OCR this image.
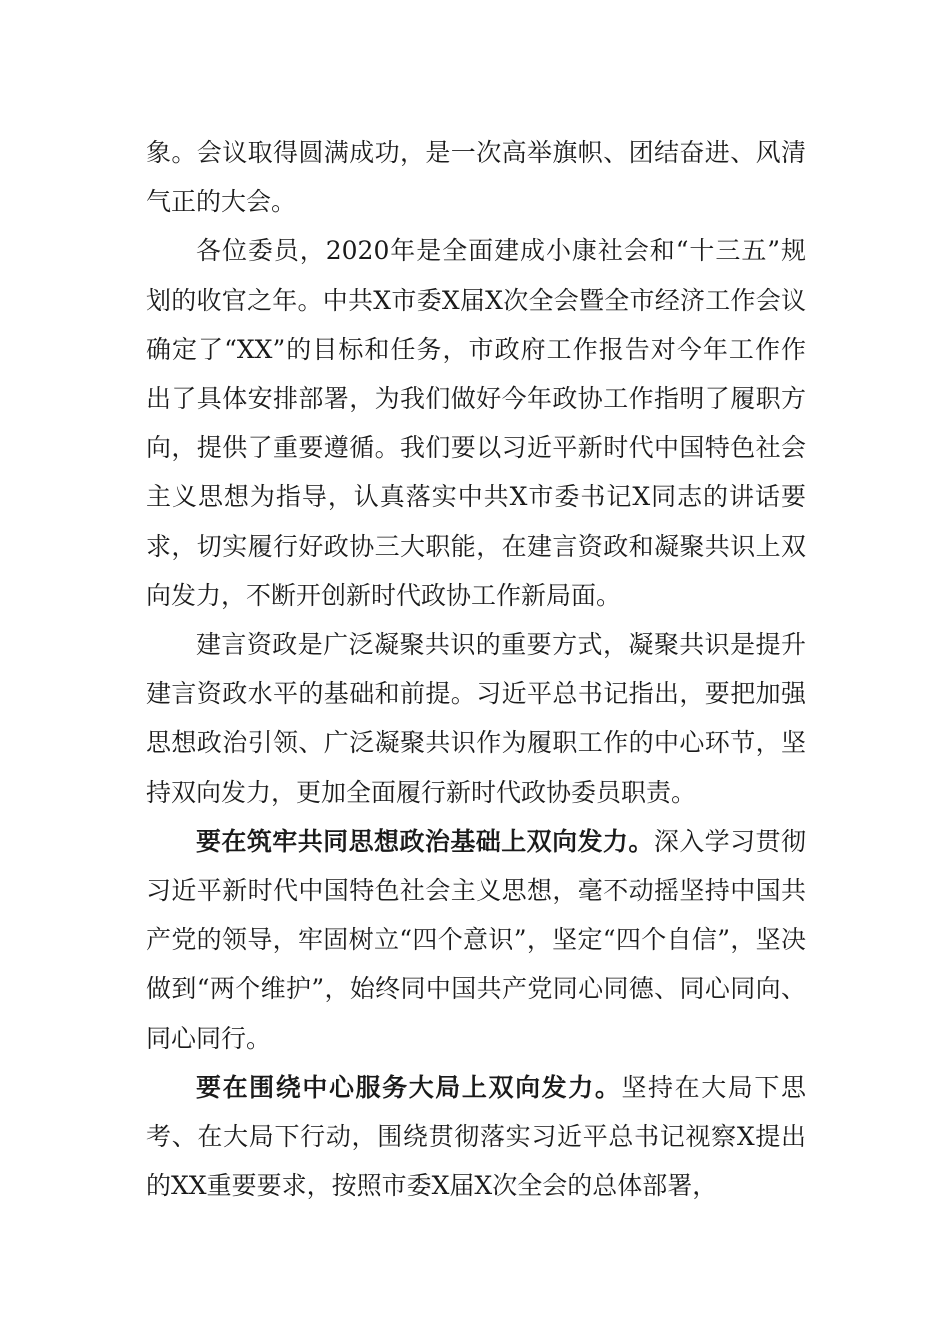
象。会议取得圆满成功，是一次高举旗帜、团结奋进、风清气正的大会。

各位委员，2020年是全面建成小康社会和“十三五”规划的收官之年。中共X市委X届X次全会暨全市经济工作会议确定了“XX”的目标和任务，市政府工作报告对今年工作作出了具体安排部署，为我们做好今年政协工作指明了履职方向，提供了重要遵循。我们要以习近平新时代中国特色社会主义思想为指导，认真落实中共X市委书记X同志的讲话要求，切实履行好政协三大职能，在建言资政和凝聚共识上双向发力，不断开创新时代政协工作新局面。

建言资政是广泛凝聚共识的重要方式，凝聚共识是提升建言资政水平的基础和前提。习近平总书记指出，要把加强思想政治引领、广泛凝聚共识作为履职工作的中心环节，坚持双向发力，更加全面履行新时代政协委员职责。

要在筑牢共同思想政治基础上双向发力。深入学习贯彻习近平新时代中国特色社会主义思想，毫不动摇坚持中国共产党的领导，牢固树立“四个意识”，坚定“四个自信”，坚决做到“两个维护”，始终同中国共产党同心同德、同心同向、同心同行。

要在围绕中心服务大局上双向发力。坚持在大局下思考、在大局下行动，围绕贯彻落实习近平总书记视察X提出的XX重要要求，按照市委X届X次全会的总体部署，
